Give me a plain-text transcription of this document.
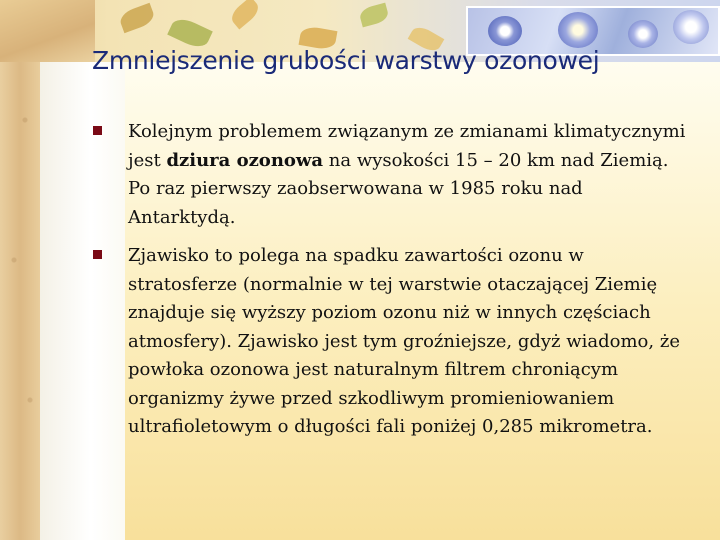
Zmniejszenie grubości warstwy ozonowej
Kolejnym problemem związanym ze zmianami klimatycznymi jest dziura ozonowa na wysokości 15 – 20 km nad Ziemią. Po raz pierwszy zaobserwowana w 1985 roku nad Antarktydą.
Zjawisko to polega na spadku zawartości ozonu w stratosferze (normalnie w tej warstwie otaczającej Ziemię znajduje się wyższy poziom ozonu niż w innych częściach atmosfery). Zjawisko jest tym groźniejsze, gdyż wiadomo, że powłoka ozonowa jest naturalnym filtrem chroniącym organizmy żywe przed szkodliwym promieniowaniem ultrafioletowym o długości fali poniżej 0,285 mikrometra.
